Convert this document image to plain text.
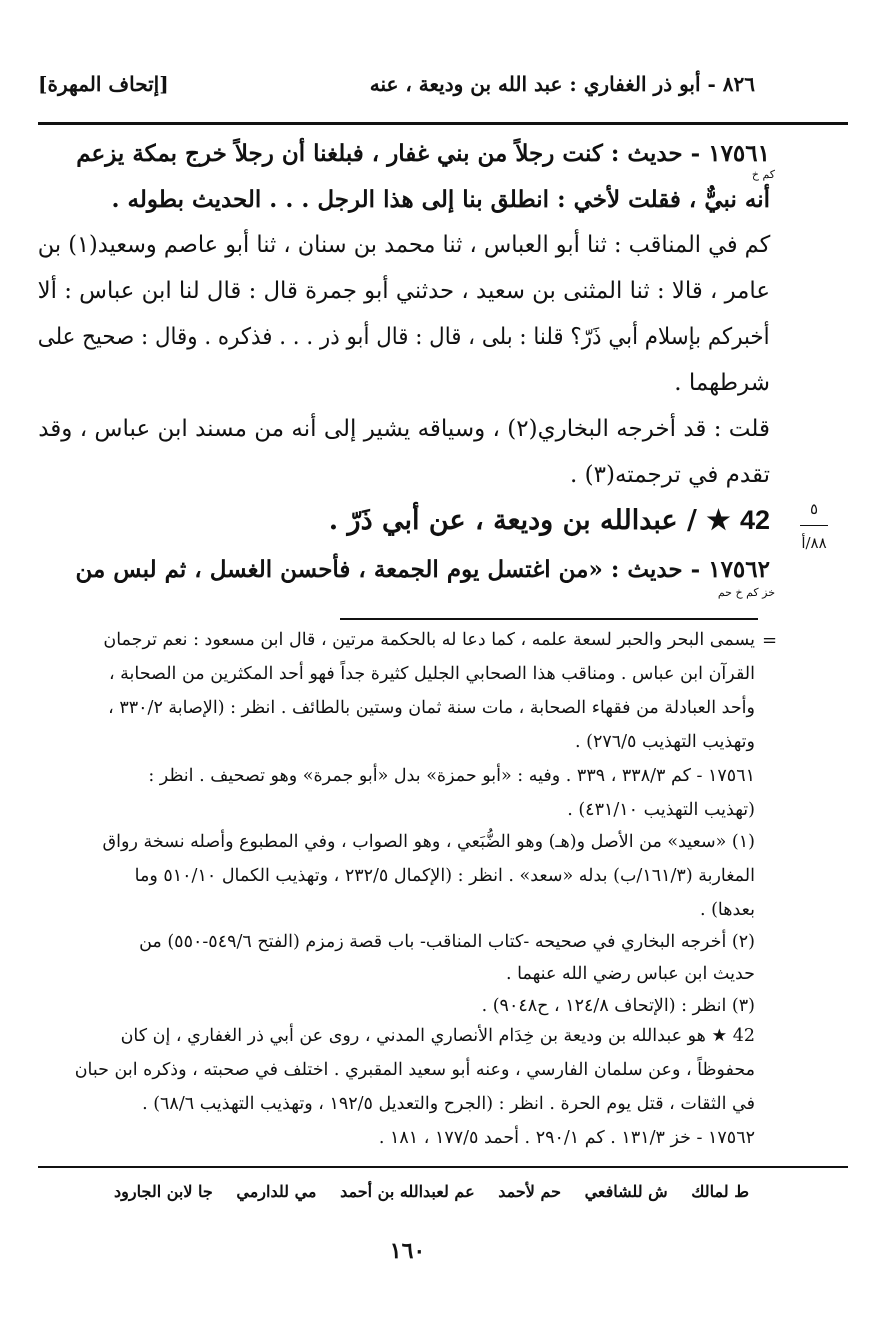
٨٢٦ - أبو ذر الغفاري : عبد الله بن وديعة ، عنه
[إتحاف المهرة]
١٧٥٦١ - حديث : كنت رجلاً من بني غفار ، فبلغنا أن رجلاً خرج بمكة يزعم
كم خ
أنه نبيٌّ ، فقلت لأخي : انطلق بنا إلى هذا الرجل . . . الحديث بطوله .
كم في المناقب : ثنا أبو العباس ، ثنا محمد بن سنان ، ثنا أبو عاصم وسعيد(١) بن
عامر ، قالا : ثنا المثنى بن سعيد ، حدثني أبو جمرة قال : قال لنا ابن عباس : ألا
أخبركم بإسلام أبي ذَرّ؟ قلنا : بلى ، قال : قال أبو ذر . . . فذكره . وقال : صحيح على
شرطهما .
قلت : قد أخرجه البخاري(٢) ، وسياقه يشير إلى أنه من مسند ابن عباس ، وقد
تقدم في ترجمته(٣) .
42 ★ / عبدالله بن وديعة ، عن أبي ذَرّ .	٥
٨٨/أ
١٧٥٦٢ - حديث : «من اغتسل يوم الجمعة ، فأحسن الغسل ، ثم لبس من
خز كم خ حم
=
يسمى البحر والحبر لسعة علمه ، كما دعا له بالحكمة مرتين ، قال ابن مسعود : نعم ترجمان
القرآن ابن عباس . ومناقب هذا الصحابي الجليل كثيرة جداً فهو أحد المكثرين من الصحابة ،
وأحد العبادلة من فقهاء الصحابة ، مات سنة ثمان وستين بالطائف . انظر : (الإصابة ٣٣٠/٢ ،
وتهذيب التهذيب ٢٧٦/٥) .
١٧٥٦١ - كم ٣٣٨/٣ ، ٣٣٩ . وفيه : «أبو حمزة» بدل «أبو جمرة» وهو تصحيف . انظر :
(تهذيب التهذيب ٤٣١/١٠) .
(١) «سعيد» من الأصل و(هـ) وهو الضُّبَعي ، وهو الصواب ، وفي المطبوع وأصله نسخة رواق
المغاربة (١٦١/٣/ب) بدله «سعد» . انظر : (الإكمال ٢٣٢/٥ ، وتهذيب الكمال ٥١٠/١٠ وما
بعدها) .
(٢) أخرجه البخاري في صحيحه -كتاب المناقب- باب قصة زمزم (الفتح ٥٤٩/٦-٥٥٠) من
حديث ابن عباس رضي الله عنهما .
(٣) انظر : (الإتحاف ١٢٤/٨ ، ح٩٠٤٨) .
42 ★ هو عبدالله بن وديعة بن خِدَام الأنصاري المدني ، روى عن أبي ذر الغفاري ، إن كان
محفوظاً ، وعن سلمان الفارسي ، وعنه أبو سعيد المقبري . اختلف في صحبته ، وذكره ابن حبان
في الثقات ، قتل يوم الحرة . انظر : (الجرح والتعديل ١٩٢/٥ ، وتهذيب التهذيب ٦٨/٦) .
١٧٥٦٢ - خز ١٣١/٣ . كم ٢٩٠/١ . أحمد ١٧٧/٥ ، ١٨١ .
ط لمالك ش للشافعي حم لأحمد عم لعبدالله بن أحمد مي للدارمي جا لابن الجارود
١٦٠
